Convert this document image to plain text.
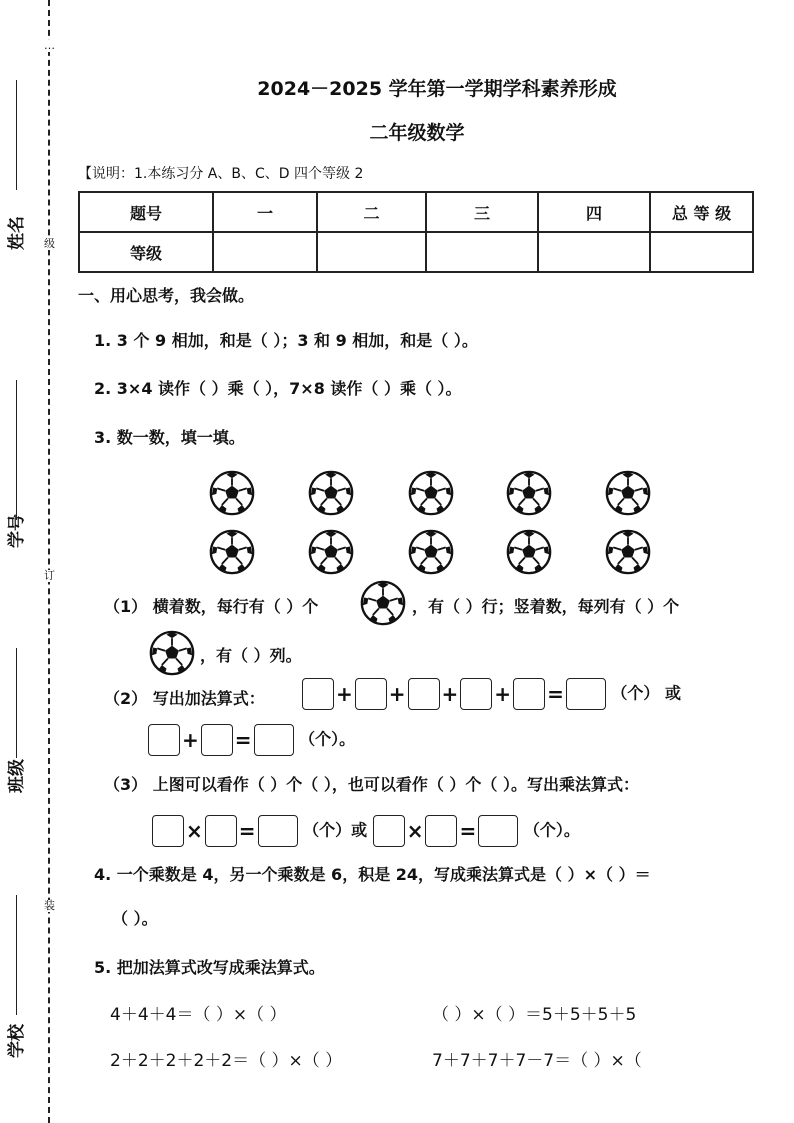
姓名
学号
班级
学校
…
级
订
装
2024－2025 学年第一学期学科素养形成
二年级数学
【说明：1.本练习分 A、B、C、D 四个等级 2
题号	一	二	三	四	总 等 级
等级					
一、用心思考，我会做。
1. 3 个 9 相加，和是（ ）；3 和 9 相加，和是（ ）。
2. 3×4 读作（ ）乘（ ），7×8 读作（ ）乘（ ）。
3. 数一数，填一填。
（1） 横着数，每行有（ ）个	，有（ ）行；竖着数，每列有（ ）个
，有（ ）列。
（2） 写出加法算式：	+ + + + =	（个） 或
+ =	（个）。
（3） 上图可以看作（ ）个（ ），也可以看作（ ）个（ ）。写出乘法算式：
× =	（个）或 × =	（个）。
4. 一个乘数是 4，另一个乘数是 6，积是 24，写成乘法算式是（ ）×（ ）＝
（ ）。
5. 把加法算式改写成乘法算式。
4＋4＋4＝（ ）×（ ）	（ ）×（ ）＝5＋5＋5＋5
2＋2＋2＋2＋2＝（ ）×（ ）	7＋7＋7＋7－7＝（ ）×（
